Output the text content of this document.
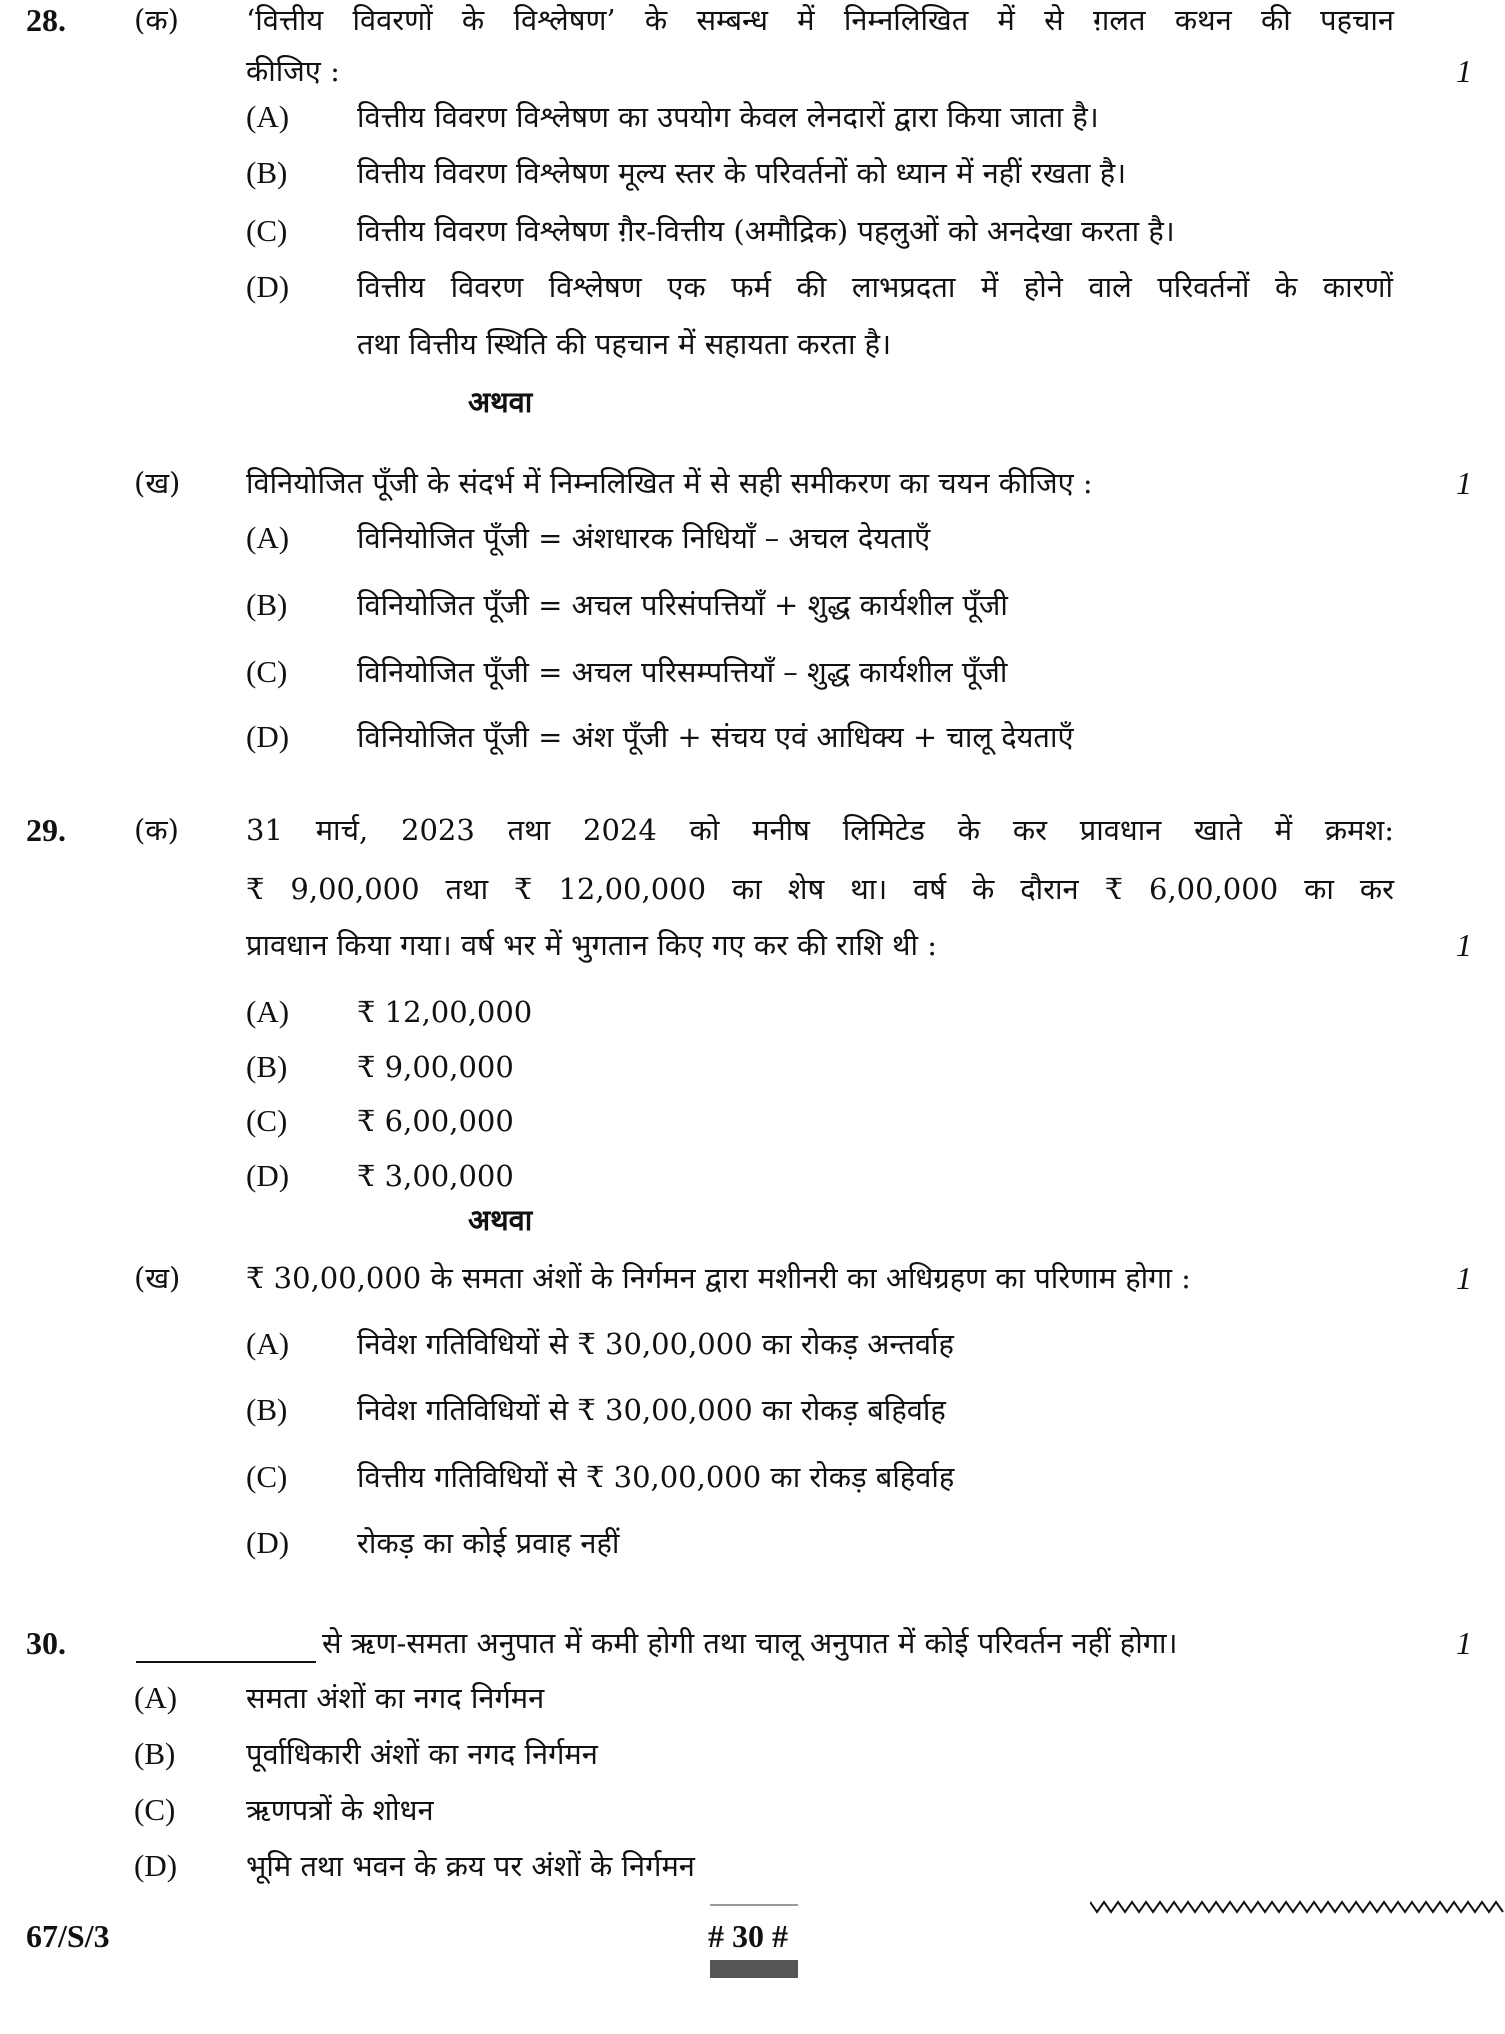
28. (क) ‘वित्तीय विवरणों के विश्लेषण’ के सम्बन्ध में निम्नलिखित में से ग़लत कथन की पहचान
कीजिए :	1
(A) वित्तीय विवरण विश्लेषण का उपयोग केवल लेनदारों द्वारा किया जाता है।
(B) वित्तीय विवरण विश्लेषण मूल्य स्तर के परिवर्तनों को ध्यान में नहीं रखता है।
(C) वित्तीय विवरण विश्लेषण ग़ैर-वित्तीय (अमौद्रिक) पहलुओं को अनदेखा करता है।
(D) वित्तीय विवरण विश्लेषण एक फर्म की लाभप्रदता में होने वाले परिवर्तनों के कारणों
तथा वित्तीय स्थिति की पहचान में सहायता करता है।
अथवा
(ख) विनियोजित पूँजी के संदर्भ में निम्नलिखित में से सही समीकरण का चयन कीजिए :	1
(A) विनियोजित पूँजी = अंशधारक निधियाँ – अचल देयताएँ
(B) विनियोजित पूँजी = अचल परिसंपत्तियाँ + शुद्ध कार्यशील पूँजी
(C) विनियोजित पूँजी = अचल परिसम्पत्तियाँ – शुद्ध कार्यशील पूँजी
(D) विनियोजित पूँजी = अंश पूँजी + संचय एवं आधिक्य + चालू देयताएँ
29. (क) 31 मार्च, 2023 तथा 2024 को मनीष लिमिटेड के कर प्रावधान खाते में क्रमश:
₹ 9,00,000 तथा ₹ 12,00,000 का शेष था। वर्ष के दौरान ₹ 6,00,000 का कर
प्रावधान किया गया। वर्ष भर में भुगतान किए गए कर की राशि थी :	1
(A) ₹ 12,00,000
(B) ₹ 9,00,000
(C) ₹ 6,00,000
(D) ₹ 3,00,000
अथवा
(ख) ₹ 30,00,000 के समता अंशों के निर्गमन द्वारा मशीनरी का अधिग्रहण का परिणाम होगा :	1
(A) निवेश गतिविधियों से ₹ 30,00,000 का रोकड़ अन्तर्वाह
(B) निवेश गतिविधियों से ₹ 30,00,000 का रोकड़ बहिर्वाह
(C) वित्तीय गतिविधियों से ₹ 30,00,000 का रोकड़ बहिर्वाह
(D) रोकड़ का कोई प्रवाह नहीं
30.	से ऋण-समता अनुपात में कमी होगी तथा चालू अनुपात में कोई परिवर्तन नहीं होगा।	1
(A) समता अंशों का नगद निर्गमन
(B) पूर्वाधिकारी अंशों का नगद निर्गमन
(C) ऋणपत्रों के शोधन
(D) भूमि तथा भवन के क्रय पर अंशों के निर्गमन
67/S/3	# 30 #
